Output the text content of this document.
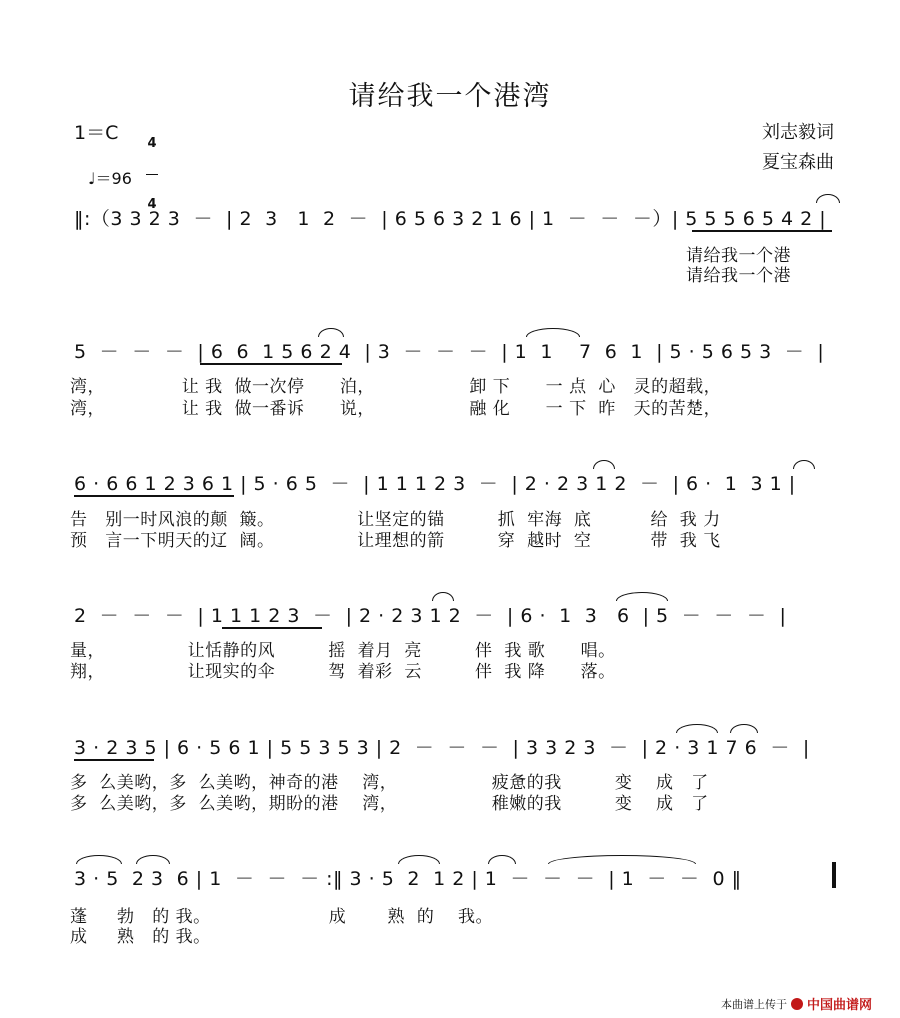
请给我一个港湾
1＝C

4

4

♩＝96
刘志毅词
夏宝森曲
‖:（3 3 2 3  －  | 2  3   1  2  －  | 6 5 6 3 2 1 6 | 1  －  －  －）| 5 5 5 6 5 4 2 |
请给我一个港
请给我一个港
5  －  －  －  | 6  6  1 5 6 2 4  | 3  －  －  －  | 1  1    7  6  1  | 5 · 5 6 5 3  －  |
湾，             让 我  做一次停      泊，                卸 下      一 点  心   灵的超载，
湾，             让 我  做一番诉      说，                融 化      一 下  昨   天的苦楚，
6 · 6 6 1 2 3 6 1 | 5 · 6 5  －  | 1 1 1 2 3  －  | 2 · 2 3 1 2  －  | 6 ·  1  3 1 |
告   别一时风浪的颠  簸。              让坚定的锚         抓  牢海  底          给  我 力
预   言一下明天的辽  阔。              让理想的箭         穿  越时  空          带  我 飞
2  －  －  －  | 1 1 1 2 3  －  | 2 · 2 3 1 2  －  | 6 ·  1  3   6  | 5  －  －  －  |
量，              让恬静的风         摇  着月  亮         伴  我 歌      唱。
翔，              让现实的伞         驾  着彩  云         伴  我 降      落。
3 · 2 3 5 | 6 · 5 6 1 | 5 5 3 5 3 | 2  －  －  －  | 3 3 2 3  －  | 2 · 3 1 7 6  －  |
多  么美哟，多  么美哟，神奇的港    湾，                疲惫的我         变    成   了
多  么美哟，多  么美哟，期盼的港    湾，                稚嫩的我         变    成   了
3 · 5  2 3  6 | 1  －  －  － :‖ 3 · 5  2  1 2 | 1  －  －  －  | 1  －  －  0 ‖
蓬     勃   的 我。                    成       熟  的    我。
成     熟   的 我。
本曲谱上传于 中国曲谱网
